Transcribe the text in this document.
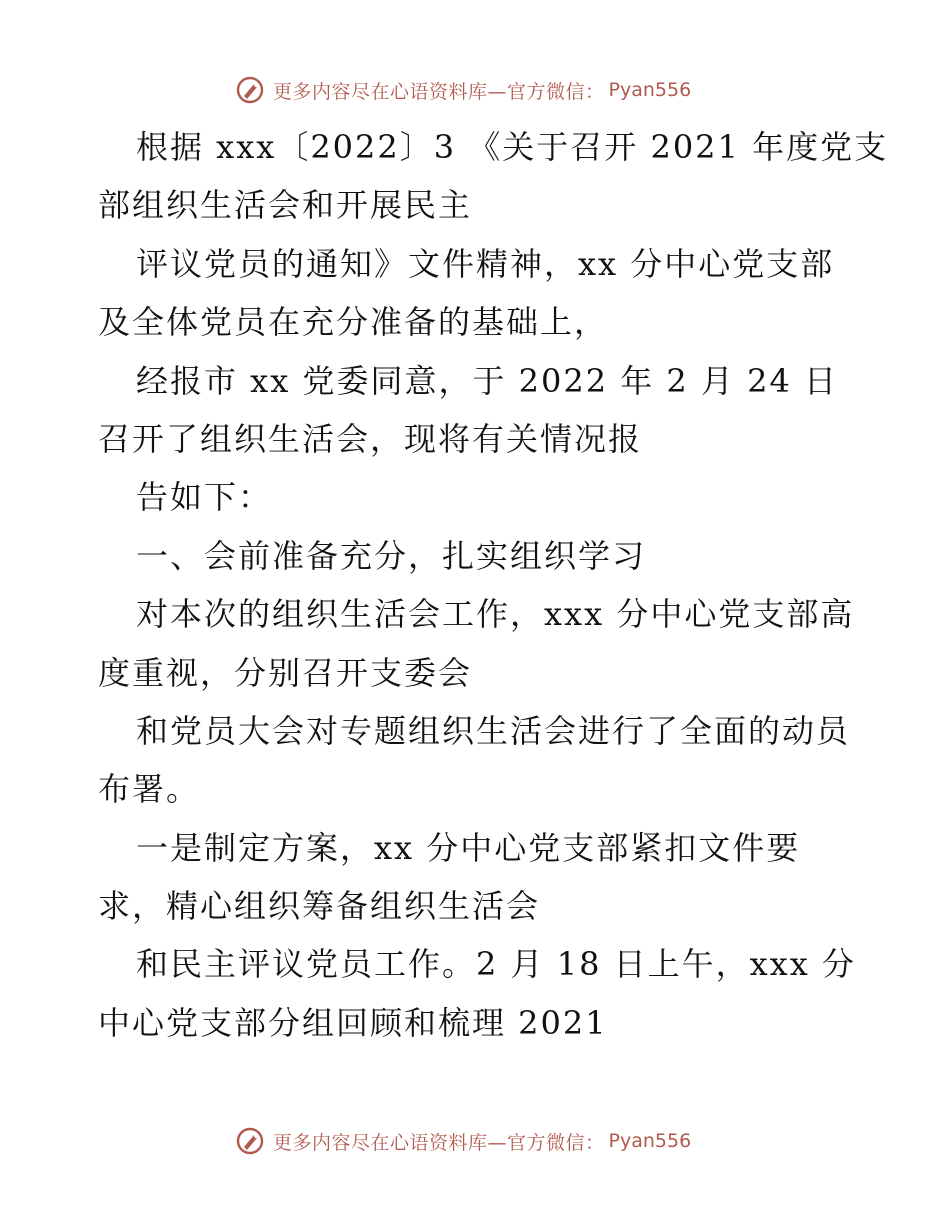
更多内容尽在心语资料库—官方微信： Pyan556
根据 xxx〔2022〕3 《关于召开 2021 年度党支
部组织生活会和开展民主
评议党员的通知》文件精神，xx 分中心党支部
及全体党员在充分准备的基础上，
经报市 xx 党委同意，于 2022 年 2 月 24 日
召开了组织生活会，现将有关情况报
告如下：
一、会前准备充分，扎实组织学习
对本次的组织生活会工作，xxx 分中心党支部高
度重视，分别召开支委会
和党员大会对专题组织生活会进行了全面的动员
布署。
一是制定方案，xx 分中心党支部紧扣文件要
求，精心组织筹备组织生活会
和民主评议党员工作。2 月 18 日上午，xxx 分
中心党支部分组回顾和梳理 2021
更多内容尽在心语资料库—官方微信： Pyan556
